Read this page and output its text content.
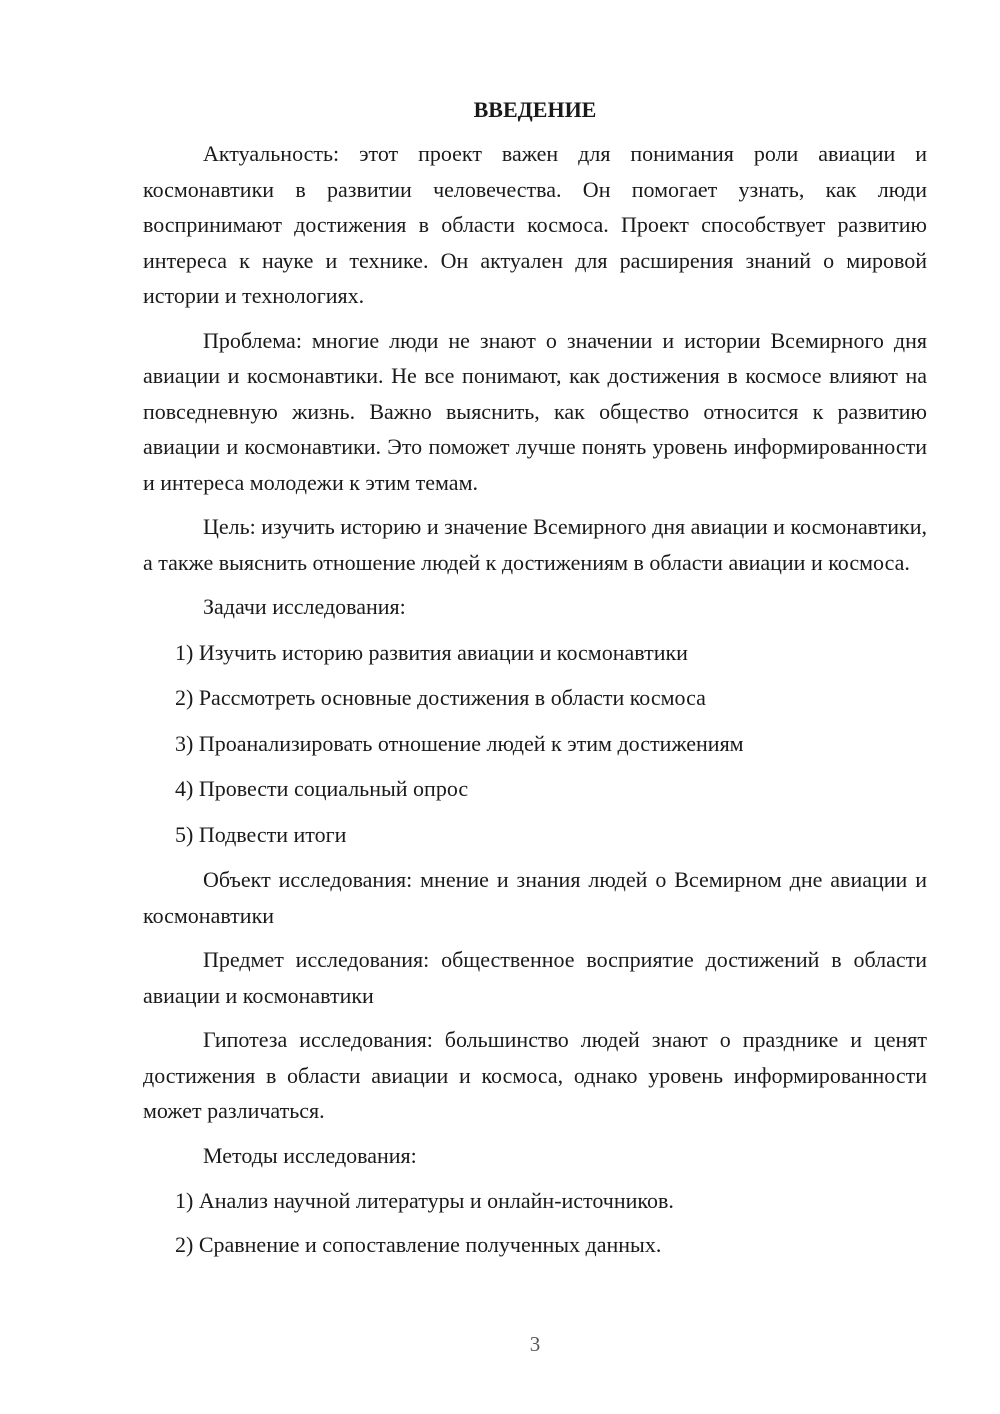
ВВЕДЕНИЕ

Актуальность: этот проект важен для понимания роли авиации и космонавтики в развитии человечества. Он помогает узнать, как люди воспринимают достижения в области космоса. Проект способствует развитию интереса к науке и технике. Он актуален для расширения знаний о мировой истории и технологиях.

Проблема: многие люди не знают о значении и истории Всемирного дня авиации и космонавтики. Не все понимают, как достижения в космосе влияют на повседневную жизнь. Важно выяснить, как общество относится к развитию авиации и космонавтики. Это поможет лучше понять уровень информированности и интереса молодежи к этим темам.

Цель: изучить историю и значение Всемирного дня авиации и космонавтики, а также выяснить отношение людей к достижениям в области авиации и космоса.

Задачи исследования:
1) Изучить историю развития авиации и космонавтики
2) Рассмотреть основные достижения в области космоса
3) Проанализировать отношение людей к этим достижениям
4) Провести социальный опрос
5) Подвести итоги

Объект исследования: мнение и знания людей о Всемирном дне авиации и космонавтики

Предмет исследования: общественное восприятие достижений в области авиации и космонавтики

Гипотеза исследования: большинство людей знают о празднике и ценят достижения в области авиации и космоса, однако уровень информированности может различаться.

Методы исследования:
1) Анализ научной литературы и онлайн-источников.
2) Сравнение и сопоставление полученных данных.
3
